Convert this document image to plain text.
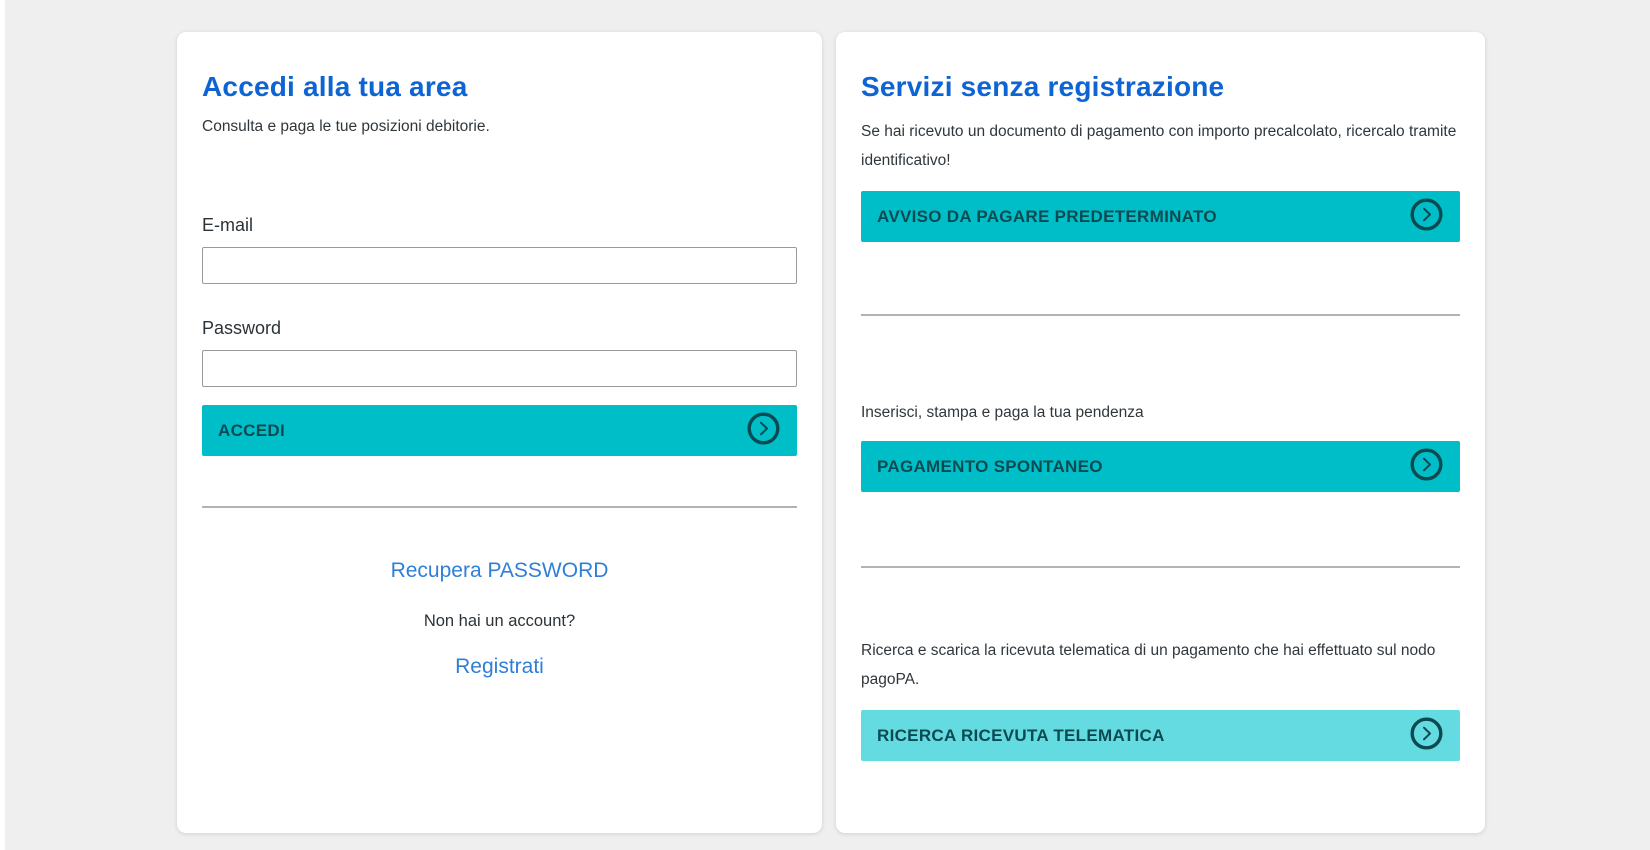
Accedi alla tua area

Consulta e paga le tue posizioni debitorie.

E-mail
Password
ACCEDI
Recupera PASSWORD

Non hai un account?

Registrati
Servizi senza registrazione

Se hai ricevuto un documento di pagamento con importo precalcolato, ricercalo tramite identificativo!

AVVISO DA PAGARE PREDETERMINATO

Inserisci, stampa e paga la tua pendenza

PAGAMENTO SPONTANEO

Ricerca e scarica la ricevuta telematica di un pagamento che hai effettuato sul nodo pagoPA.

RICERCA RICEVUTA TELEMATICA
